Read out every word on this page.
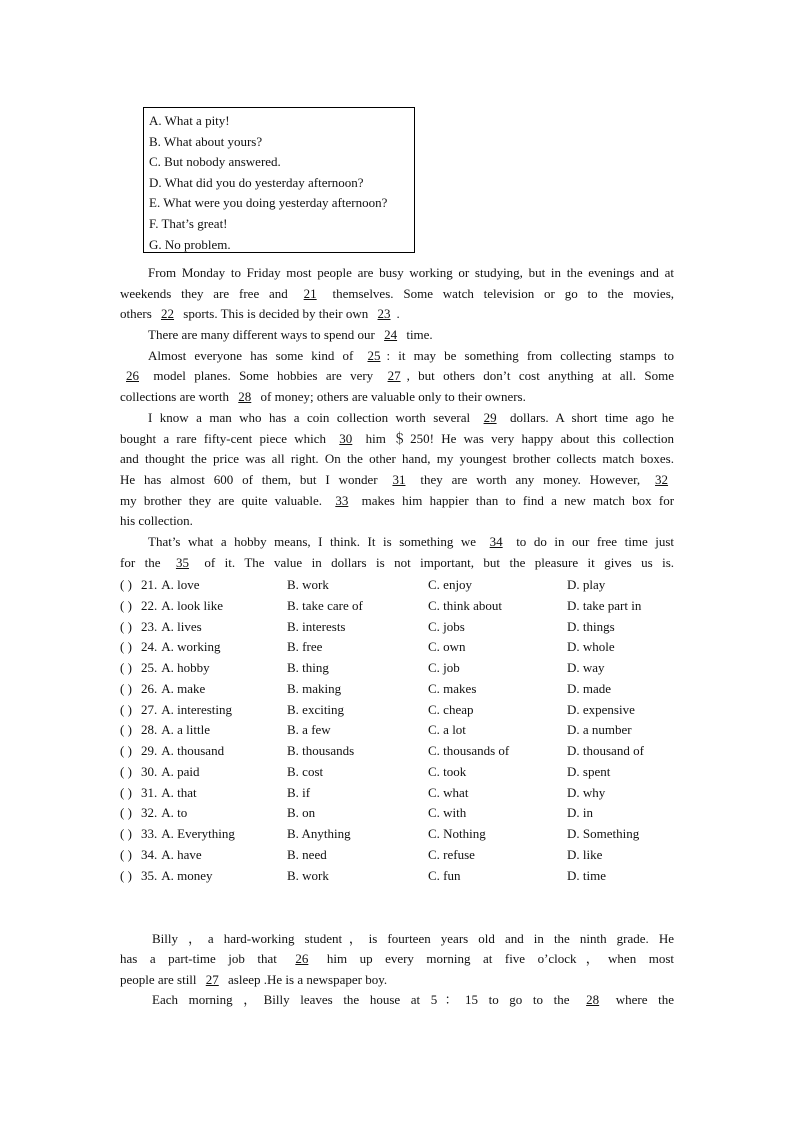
A. What a pity!
B. What about yours?
C. But nobody answered.
D. What did you do yesterday afternoon?
E. What were you doing yesterday afternoon?
F. That’s great!
G. No problem.
From Monday to Friday most people are busy working or studying, but in the evenings and at
weekends they are free and 21 themselves. Some watch television or go to the movies,
others 22 sports. This is decided by their own 23 .
There are many different ways to spend our 24 time.
Almost everyone has some kind of 25 : it may be something from collecting stamps to
26 model planes. Some hobbies are very 27 , but others don’t cost anything at all. Some
collections are worth 28 of money; others are valuable only to their owners.
I know a man who has a coin collection worth several 29 dollars. A short time ago he
bought a rare fifty-cent piece which 30 him ＄250! He was very happy about this collection
and thought the price was all right. On the other hand, my youngest brother collects match boxes.
He has almost 600 of them, but I wonder 31 they are worth any money. However, 32
my brother they are quite valuable. 33 makes him happier than to find a new match box for
his collection.
That’s what a hobby means, I think. It is something we 34 to do in our free time just
for the 35 of it. The value in dollars is not important, but the pleasure it gives us is.
( ) 21. A. love	B. work	C. enjoy	D. play
( ) 22. A. look like	B. take care of	C. think about	D. take part in
( ) 23. A. lives	B. interests	C. jobs	D. things
( ) 24. A. working	B. free	C. own	D. whole
( ) 25. A. hobby	B. thing	C. job	D. way
( ) 26. A. make	B. making	C. makes	D. made
( ) 27. A. interesting	B. exciting	C. cheap	D. expensive
( ) 28. A. a little	B. a few	C. a lot	D. a number
( ) 29. A. thousand	B. thousands	C. thousands of	D. thousand of
( ) 30. A. paid	B. cost	C. took	D. spent
( ) 31. A. that	B. if	C. what	D. why
( ) 32. A. to	B. on	C. with	D. in
( ) 33. A. Everything	B. Anything	C. Nothing	D. Something
( ) 34. A. have	B. need	C. refuse	D. like
( ) 35. A. money	B. work	C. fun	D. time
Billy ，a hard-working student，is fourteen years old and in the ninth grade. He
has a part-time job that 26 him up every morning at five o’clock，when most
people are still 27 asleep .He is a newspaper boy.
Each morning ，Billy leaves the house at 5：15 to go to the 28 where the
